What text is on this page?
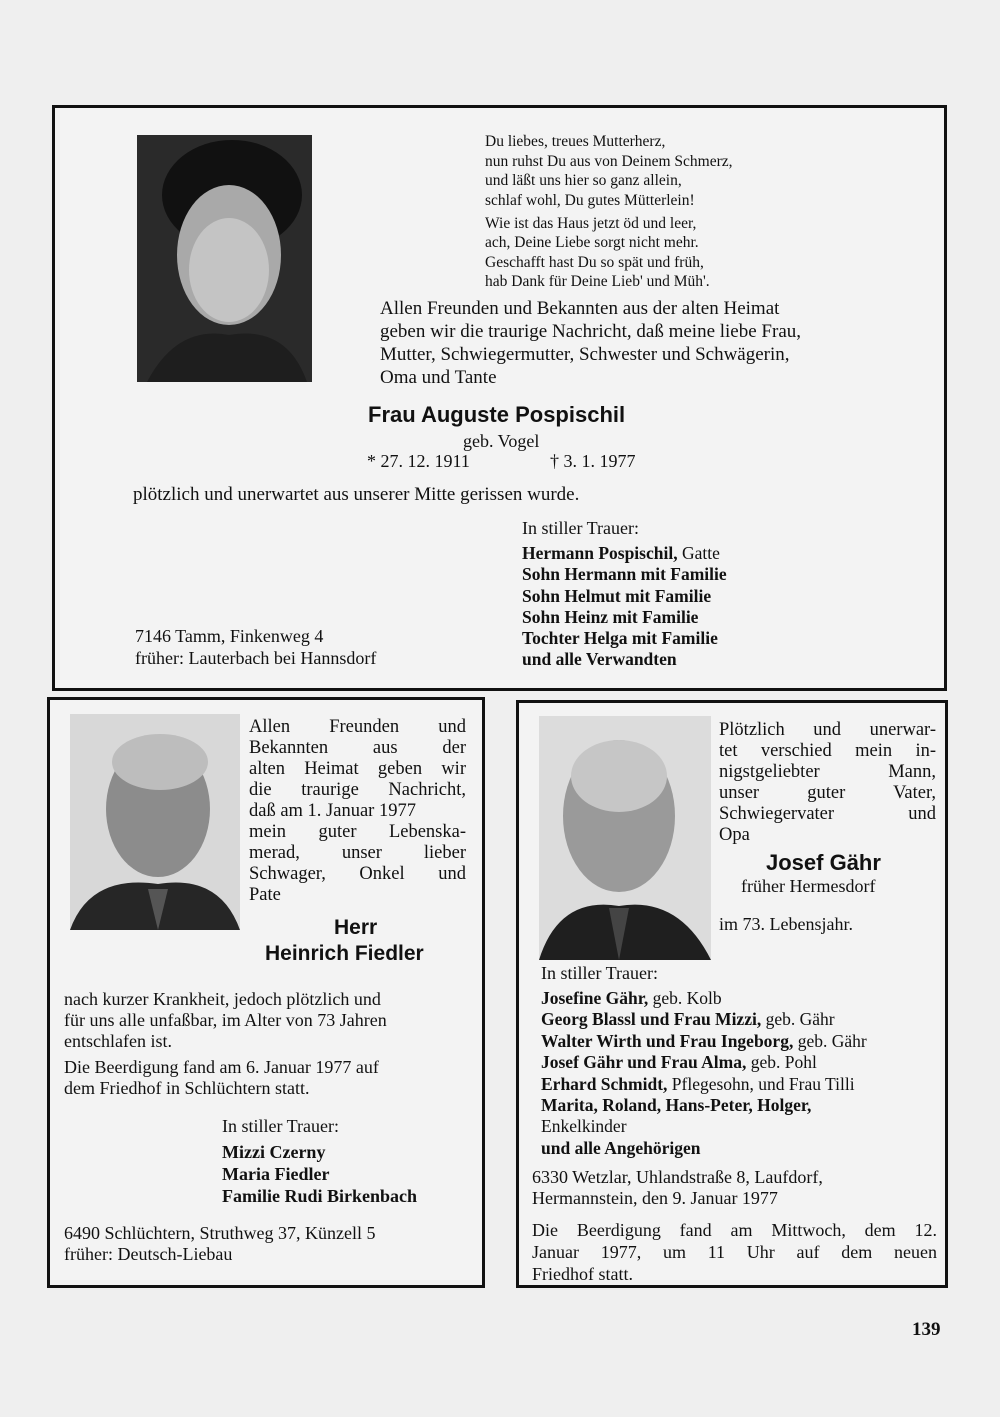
Du liebes, treues Mutterherz,
nun ruhst Du aus von Deinem Schmerz,
und läßt uns hier so ganz allein,
schlaf wohl, Du gutes Mütterlein!
Wie ist das Haus jetzt öd und leer,
ach, Deine Liebe sorgt nicht mehr.
Geschafft hast Du so spät und früh,
hab Dank für Deine Lieb' und Müh'.
Allen Freunden und Bekannten aus der alten Heimat
geben wir die traurige Nachricht, daß meine liebe Frau,
Mutter, Schwiegermutter, Schwester und Schwägerin,
Oma und Tante
Frau Auguste Pospischil
geb. Vogel
* 27. 12. 1911	† 3. 1. 1977
plötzlich und unerwartet aus unserer Mitte gerissen wurde.
In stiller Trauer:
Hermann Pospischil, Gatte
Sohn Hermann mit Familie
Sohn Helmut mit Familie
Sohn Heinz mit Familie
Tochter Helga mit Familie
und alle Verwandten
7146 Tamm, Finkenweg 4
früher: Lauterbach bei Hannsdorf
Allen Freunden und
Bekannten aus der
alten Heimat geben wir
die traurige Nachricht,
daß am 1. Januar 1977
mein guter Lebenska-
merad, unser lieber
Schwager, Onkel und
Pate
Herr
Heinrich Fiedler
nach kurzer Krankheit, jedoch plötzlich und
für uns alle unfaßbar, im Alter von 73 Jahren
entschlafen ist.
Die Beerdigung fand am 6. Januar 1977 auf
dem Friedhof in Schlüchtern statt.
In stiller Trauer:
Mizzi Czerny
Maria Fiedler
Familie Rudi Birkenbach
6490 Schlüchtern, Struthweg 37, Künzell 5
früher: Deutsch-Liebau
Plötzlich und unerwar-
tet verschied mein in-
nigstgeliebter Mann,
unser guter Vater,
Schwiegervater und
Opa
Josef Gähr
früher Hermesdorf
im 73. Lebensjahr.
In stiller Trauer:
Josefine Gähr, geb. Kolb
Georg Blassl und Frau Mizzi, geb. Gähr
Walter Wirth und Frau Ingeborg, geb. Gähr
Josef Gähr und Frau Alma, geb. Pohl
Erhard Schmidt, Pflegesohn, und Frau Tilli
Marita, Roland, Hans-Peter, Holger,
Enkelkinder
und alle Angehörigen
6330 Wetzlar, Uhlandstraße 8, Laufdorf,
Hermannstein, den 9. Januar 1977
Die Beerdigung fand am Mittwoch, dem 12.
Januar 1977, um 11 Uhr auf dem neuen
Friedhof statt.
139
